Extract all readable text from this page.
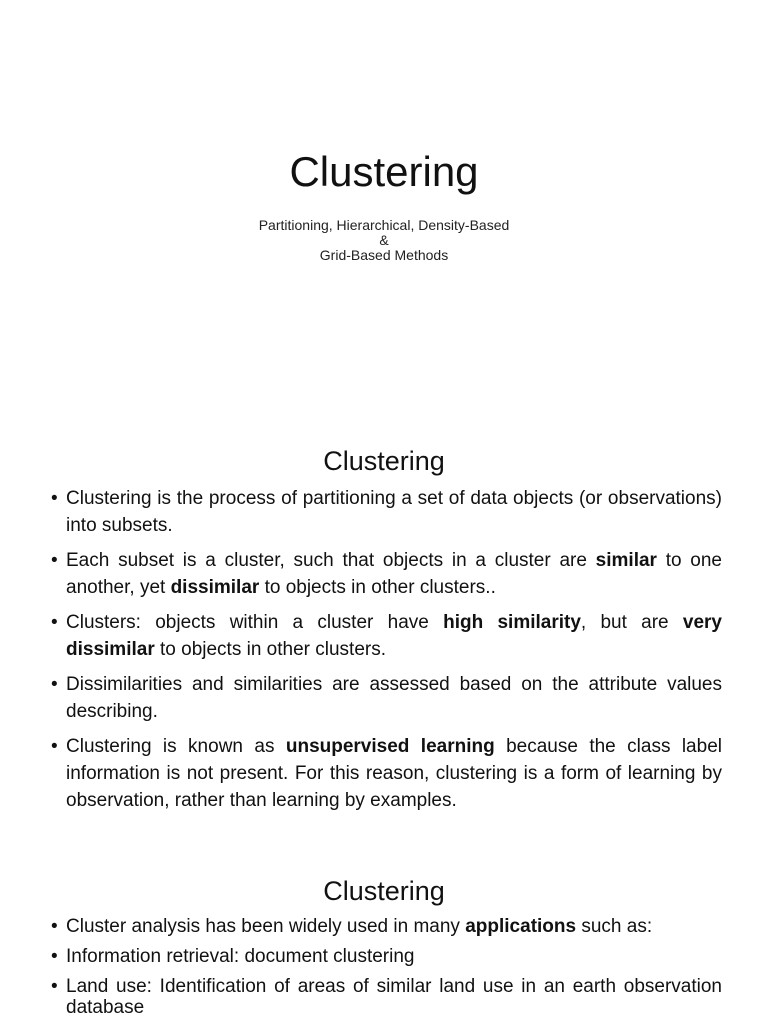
Clustering
Partitioning, Hierarchical, Density-Based
&
Grid-Based Methods
Clustering
• Clustering is the process of partitioning a set of data objects (or observations) into subsets.
• Each subset is a cluster, such that objects in a cluster are similar to one another, yet dissimilar to objects in other clusters..
• Clusters: objects within a cluster have high similarity, but are very dissimilar to objects in other clusters.
• Dissimilarities and similarities are assessed based on the attribute values describing.
• Clustering is known as unsupervised learning because the class label information is not present. For this reason, clustering is a form of learning by observation, rather than learning by examples.
Clustering
• Cluster analysis has been widely used in many applications such as:
• Information retrieval: document clustering
• Land use: Identification of areas of similar land use in an earth observation database
